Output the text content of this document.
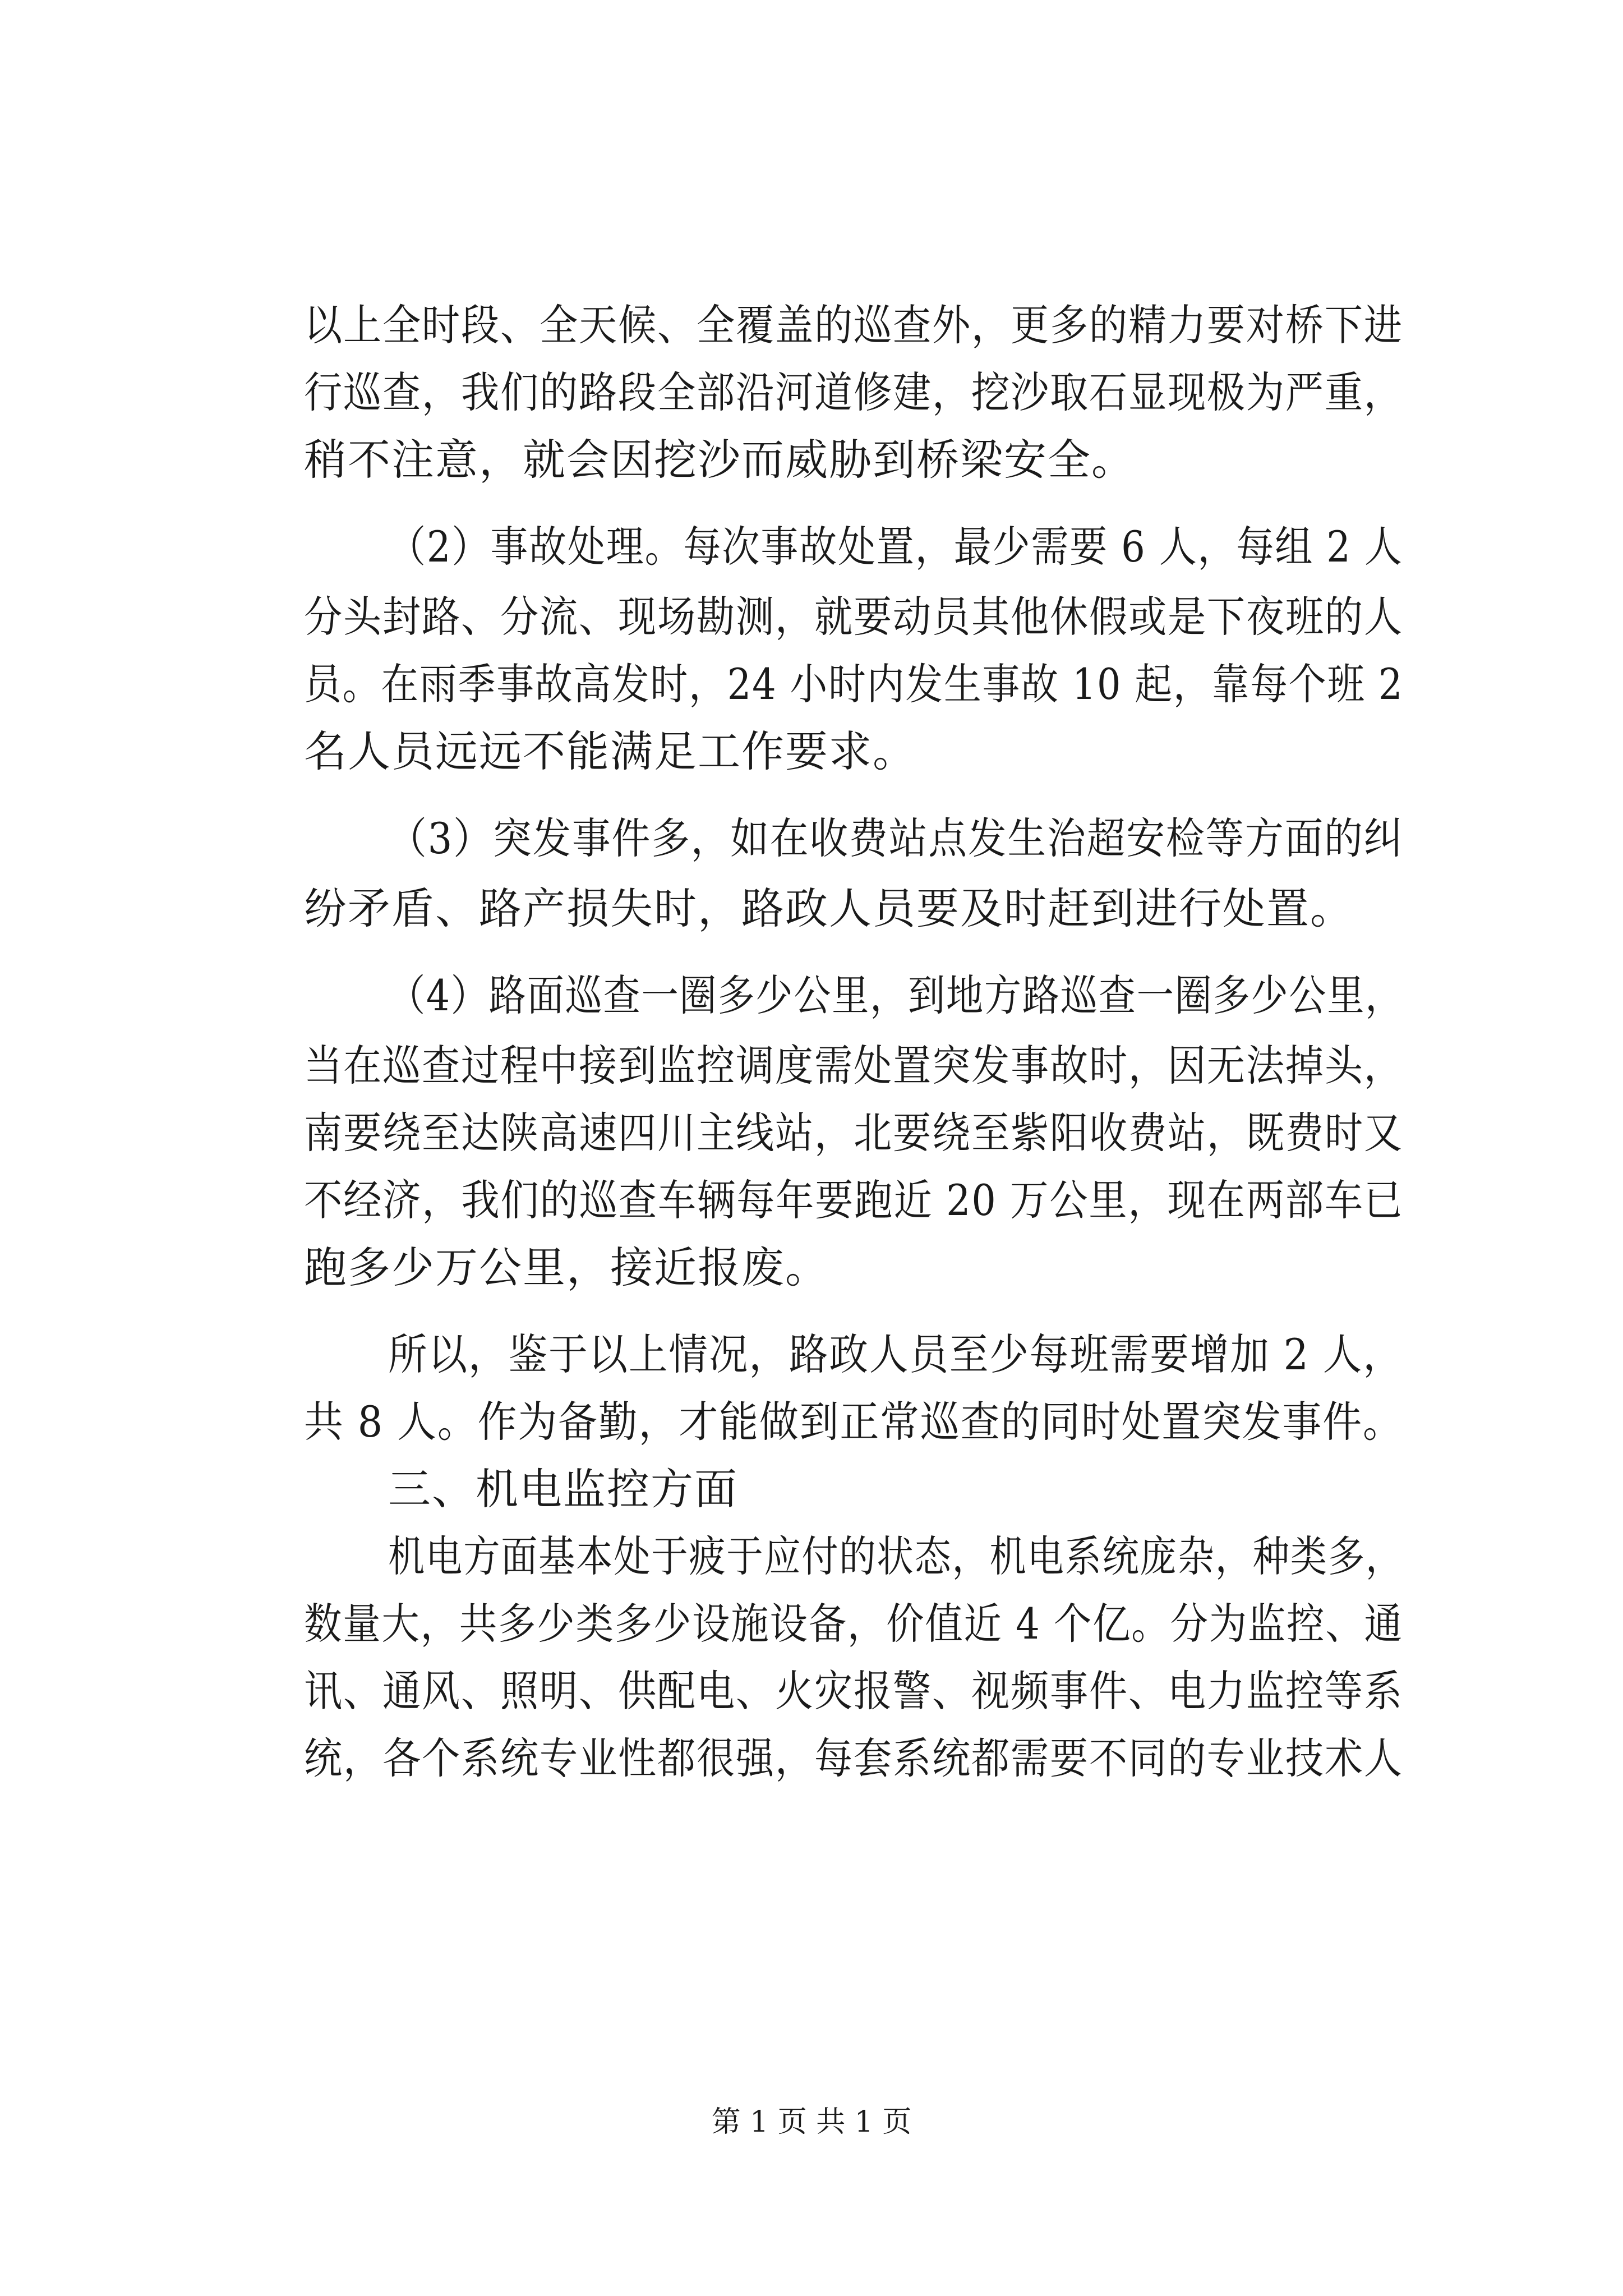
以上全时段、全天候、全覆盖的巡查外，更多的精力要对桥下进
行巡查，我们的路段全部沿河道修建，挖沙取石显现极为严重，
稍不注意，就会因挖沙而威胁到桥梁安全。
（2）事故处理。每次事故处置，最少需要 6 人，每组 2 人
分头封路、分流、现场勘测，就要动员其他休假或是下夜班的人
员。在雨季事故高发时，24 小时内发生事故 10 起，靠每个班 2
名人员远远不能满足工作要求。
（3）突发事件多，如在收费站点发生治超安检等方面的纠
纷矛盾、路产损失时，路政人员要及时赶到进行处置。
（4）路面巡查一圈多少公里，到地方路巡查一圈多少公里，
当在巡查过程中接到监控调度需处置突发事故时，因无法掉头，
南要绕至达陕高速四川主线站，北要绕至紫阳收费站，既费时又
不经济，我们的巡查车辆每年要跑近 20 万公里，现在两部车已
跑多少万公里，接近报废。
所以，鉴于以上情况，路政人员至少每班需要增加 2 人，
共 8 人。作为备勤，才能做到正常巡查的同时处置突发事件。
三、机电监控方面
机电方面基本处于疲于应付的状态，机电系统庞杂，种类多，
数量大，共多少类多少设施设备，价值近 4 个亿。分为监控、通
讯、通风、照明、供配电、火灾报警、视频事件、电力监控等系
统，各个系统专业性都很强，每套系统都需要不同的专业技术人
第 1 页 共 1 页
